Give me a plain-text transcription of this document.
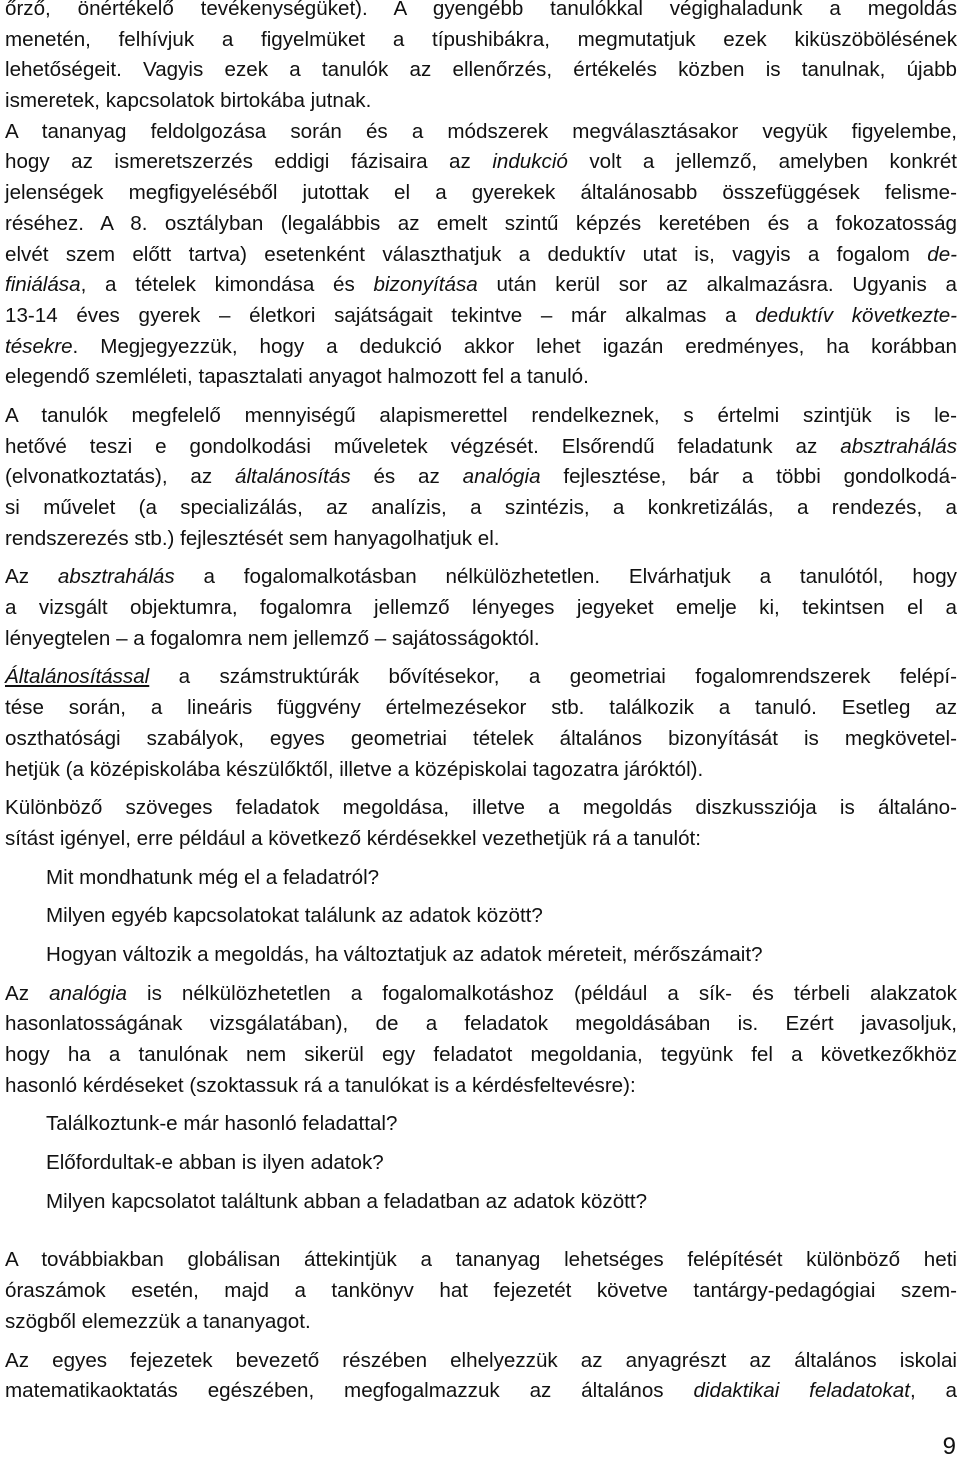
őrző, önértékelő tevékenységüket). A gyengébb tanulókkal végighaladunk a megoldás
menetén, felhívjuk a figyelmüket a típushibákra, megmutatjuk ezek kiküszöbölésének
lehetőségeit. Vagyis ezek a tanulók az ellenőrzés, értékelés közben is tanulnak, újabb
ismeretek, kapcsolatok birtokába jutnak.
A tananyag feldolgozása során és a módszerek megválasztásakor vegyük figyelembe,
hogy az ismeretszerzés eddigi fázisaira az indukció volt a jellemző, amelyben konkrét
jelenségek megfigyeléséből jutottak el a gyerekek általánosabb összefüggések felisme-
réséhez. A 8. osztályban (legalábbis az emelt szintű képzés keretében és a fokozatosság
elvét szem előtt tartva) esetenként választhatjuk a deduktív utat is, vagyis a fogalom de-
finiálása, a tételek kimondása és bizonyítása után kerül sor az alkalmazásra. Ugyanis a
13-14 éves gyerek – életkori sajátságait tekintve – már alkalmas a deduktív következte-
tésekre. Megjegyezzük, hogy a dedukció akkor lehet igazán eredményes, ha korábban
elegendő szemléleti, tapasztalati anyagot halmozott fel a tanuló.
A tanulók megfelelő mennyiségű alapismerettel rendelkeznek, s értelmi szintjük is le-
hetővé teszi e gondolkodási műveletek végzését. Elsőrendű feladatunk az absztrahálás
(elvonatkoztatás), az általánosítás és az analógia fejlesztése, bár a többi gondolkodá-
si művelet (a specializálás, az analízis, a szintézis, a konkretizálás, a rendezés, a
rendszerezés stb.) fejlesztését sem hanyagolhatjuk el.
Az absztrahálás a fogalomalkotásban nélkülözhetetlen. Elvárhatjuk a tanulótól, hogy
a vizsgált objektumra, fogalomra jellemző lényeges jegyeket emelje ki, tekintsen el a
lényegtelen – a fogalomra nem jellemző – sajátosságoktól.
Általánosítással a számstruktúrák bővítésekor, a geometriai fogalomrendszerek felépí-
tése során, a lineáris függvény értelmezésekor stb. találkozik a tanuló. Esetleg az
oszthatósági szabályok, egyes geometriai tételek általános bizonyítását is megkövetel-
hetjük (a középiskolába készülőktől, illetve a középiskolai tagozatra járóktól).
Különböző szöveges feladatok megoldása, illetve a megoldás diszkussziója is általáno-
sítást igényel, erre például a következő kérdésekkel vezethetjük rá a tanulót:
Mit mondhatunk még el a feladatról?
Milyen egyéb kapcsolatokat találunk az adatok között?
Hogyan változik a megoldás, ha változtatjuk az adatok méreteit, mérőszámait?
Az analógia is nélkülözhetetlen a fogalomalkotáshoz (például a sík- és térbeli alakzatok
hasonlatosságának vizsgálatában), de a feladatok megoldásában is. Ezért javasoljuk,
hogy ha a tanulónak nem sikerül egy feladatot megoldania, tegyünk fel a következőkhöz
hasonló kérdéseket (szoktassuk rá a tanulókat is a kérdésfeltevésre):
Találkoztunk-e már hasonló feladattal?
Előfordultak-e abban is ilyen adatok?
Milyen kapcsolatot találtunk abban a feladatban az adatok között?
A továbbiakban globálisan áttekintjük a tananyag lehetséges felépítését különböző heti
óraszámok esetén, majd a tankönyv hat fejezetét követve tantárgy-pedagógiai szem-
szögből elemezzük a tananyagot.
Az egyes fejezetek bevezető részében elhelyezzük az anyagrészt az általános iskolai
matematikaoktatás egészében, megfogalmazzuk az általános didaktikai feladatokat, a
9
